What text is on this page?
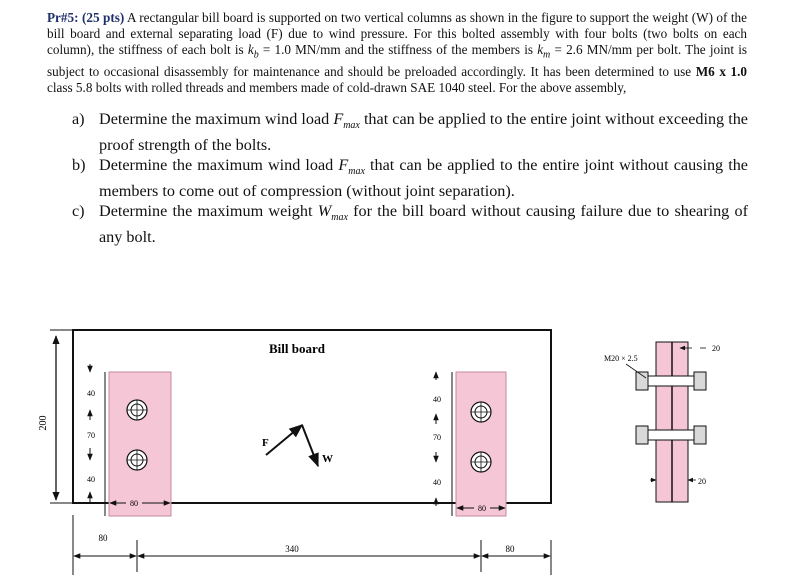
Pr#5: (25 pts) A rectangular bill board is supported on two vertical columns as shown in the figure to support the weight (W) of the bill board and external separating load (F) due to wind pressure. For this bolted assembly with four bolts (two bolts on each column), the stiffness of each bolt is $k_b = 1.0$ MN/mm and the stiffness of the members is $k_m = 2.6$ MN/mm per bolt. The joint is subject to occasional disassembly for maintenance and should be preloaded accordingly. It has been determined to use M6 x 1.0 class 5.8 bolts with rolled threads and members made of cold-drawn SAE 1040 steel. For the above assembly,
a) Determine the maximum wind load $F_{max}$ that can be applied to the entire joint without exceeding the proof strength of the bolts.
b) Determine the maximum wind load $F_{max}$ that can be applied to the entire joint without causing the members to come out of compression (without joint separation).
c) Determine the maximum weight $W_{max}$ for the bill board without causing failure due to shearing of any bolt.
Bill board
200
40
70
40
40
70
40
80
80
80
340	80
F
W
M20 × 2.5
20
20
